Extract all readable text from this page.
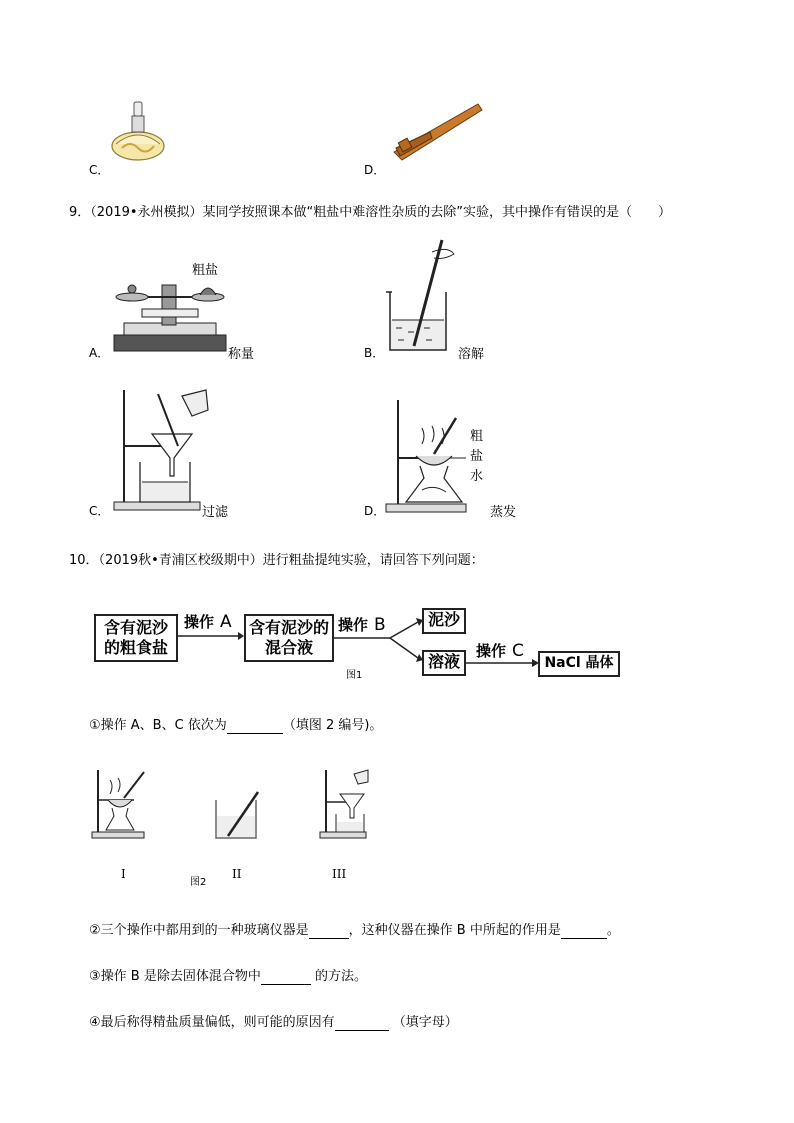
C．	D．
9．（2019•永州模拟）某同学按照课本做“粗盐中难溶性杂质的去除”实验，其中操作有错误的是（　　）
A．
粗盐
称量	B．	溶解
C．	过滤	D．
粗
盐
水
蒸发
10．（2019秋•青浦区校级期中）进行粗盐提纯实验，请回答下列问题：
含有泥沙
的粗食盐
操作 A 含有泥沙的
混合液
操作 B	泥沙
溶液
图1
操作 C
NaCl 晶体
①操作 A、B、C 依次为	（填图 2 编号)。
I
图2
II	III
②三个操作中都用到的一种玻璃仪器是	，这种仪器在操作 B 中所起的作用是	。
③操作 B 是除去固体混合物中	的方法。
④最后称得精盐质量偏低，则可能的原因有	（填字母）
